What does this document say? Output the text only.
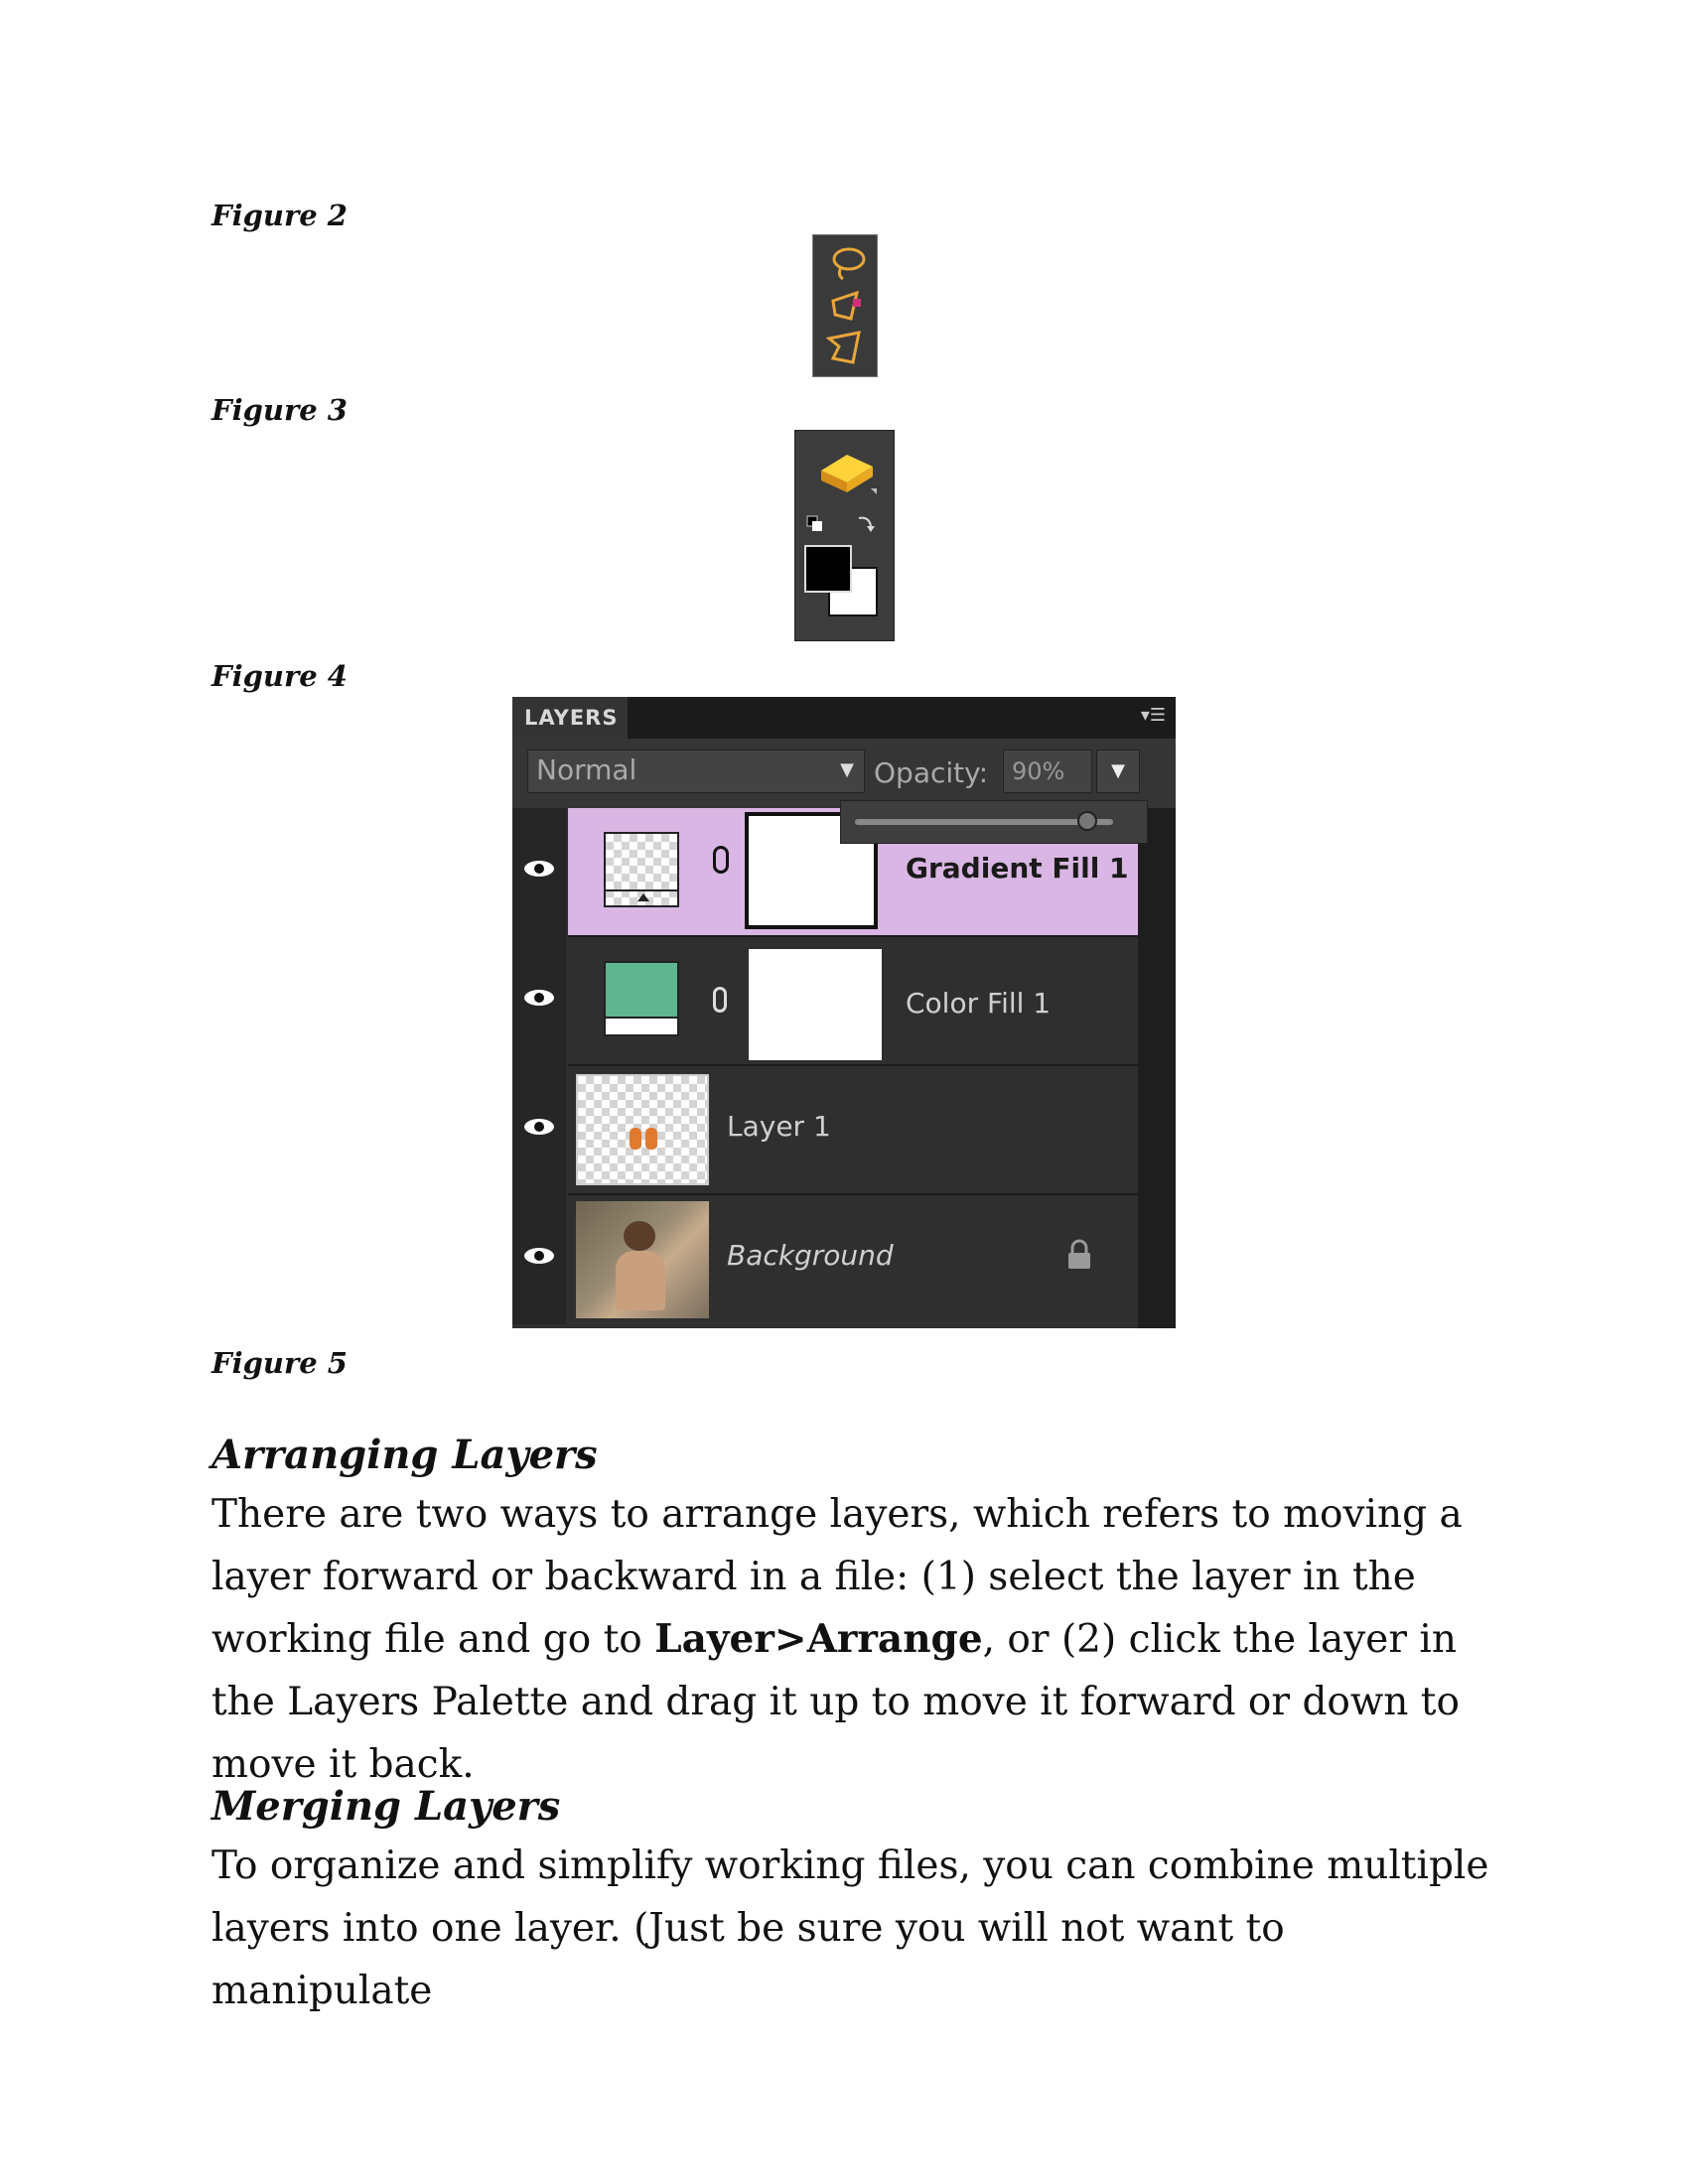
Figure 2
Figure 3
Figure 4
Figure 5
LAYERS	▾☰
Normal	▼ Opacity: 90%	▼
Gradient Fill 1
Color Fill 1
Layer 1
Background
Arranging Layers
There are two ways to arrange layers, which refers to moving a layer forward or backward in a file: (1) select the layer in the working file and go to Layer>Arrange, or (2) click the layer in the Layers Palette and drag it up to move it forward or down to move it back.
Merging Layers
To organize and simplify working files, you can combine multiple layers into one layer. (Just be sure you will not want to manipulate
